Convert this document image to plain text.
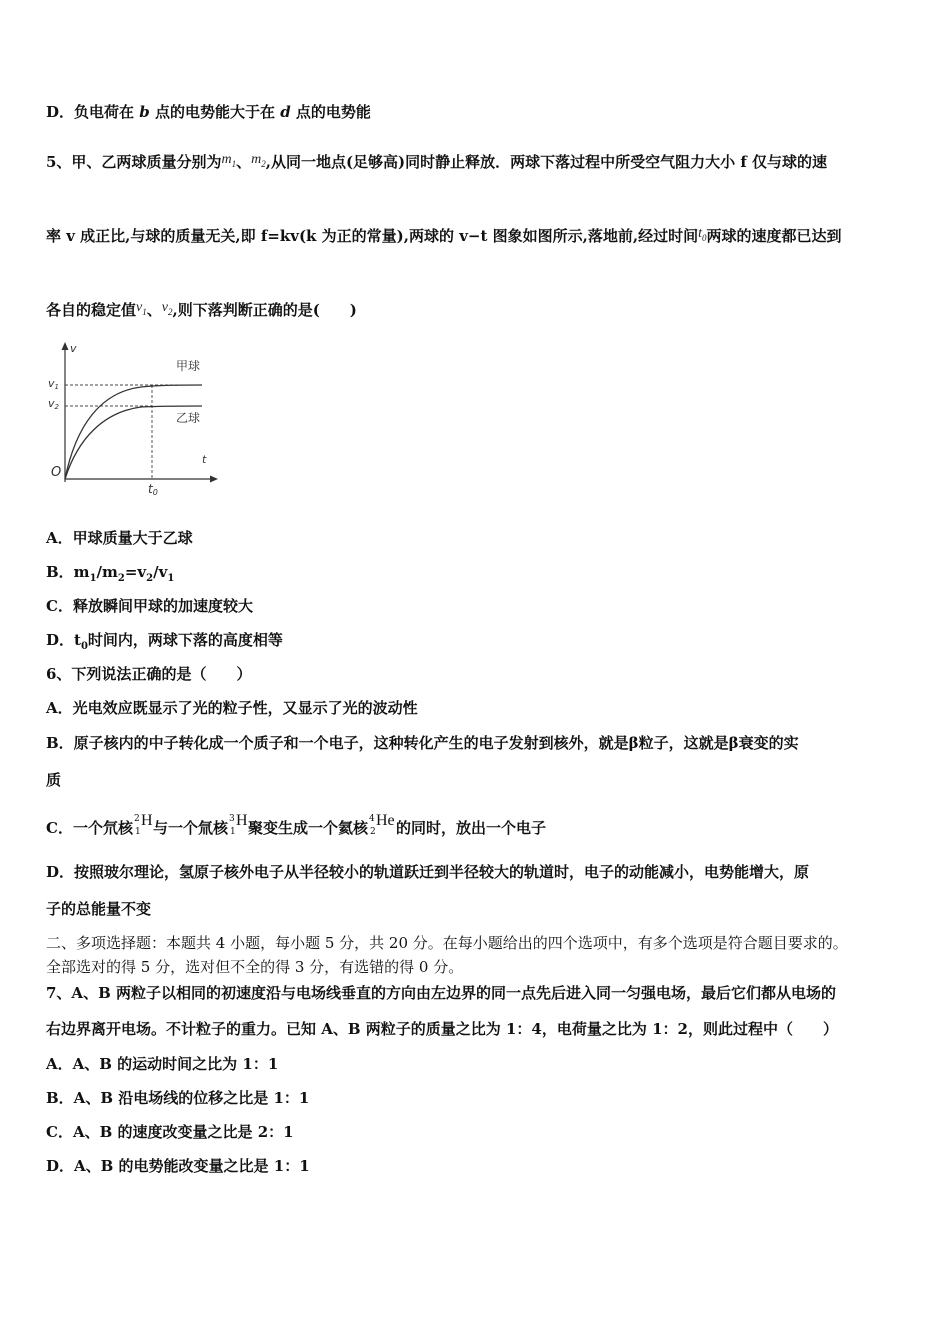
D．负电荷在 b 点的电势能大于在 d 点的电势能
5、甲、乙两球质量分别为$m_1$、$m_2$,从同一地点(足够高)同时静止释放．两球下落过程中所受空气阻力大小 f 仅与球的速
率 v 成正比,与球的质量无关,即 f=kv(k 为正的常量),两球的 v−t 图象如图所示,落地前,经过时间$t_0$两球的速度都已达到
各自的稳定值$v_1$、$v_2$,则下落判断正确的是(　　)
v
t
O
v1
v2
t0
甲球
乙球
A．甲球质量大于乙球
B．$m_1/m_2=v_2/v_1$
C．释放瞬间甲球的加速度较大
D．$t_0$时间内，两球下落的高度相等
6、下列说法正确的是（　　）
A．光电效应既显示了光的粒子性，又显示了光的波动性
B．原子核内的中子转化成一个质子和一个电子，这种转化产生的电子发射到核外，就是β粒子，这就是β衰变的实
质
C．一个氘核 2
1
H 与一个氚核 3
1
H 聚变生成一个氦核 4
2
He 的同时，放出一个电子
D．按照玻尔理论，氢原子核外电子从半径较小的轨道跃迁到半径较大的轨道时，电子的动能减小，电势能增大，原
子的总能量不变
二、多项选择题：本题共 4 小题，每小题 5 分，共 20 分。在每小题给出的四个选项中，有多个选项是符合题目要求的。
全部选对的得 5 分，选对但不全的得 3 分，有选错的得 0 分。
7、A、B 两粒子以相同的初速度沿与电场线垂直的方向由左边界的同一点先后进入同一匀强电场，最后它们都从电场的
右边界离开电场。不计粒子的重力。已知 A、B 两粒子的质量之比为 1：4，电荷量之比为 1：2，则此过程中（　　）
A．A、B 的运动时间之比为 1：1
B．A、B 沿电场线的位移之比是 1：1
C．A、B 的速度改变量之比是 2：1
D．A、B 的电势能改变量之比是 1：1
